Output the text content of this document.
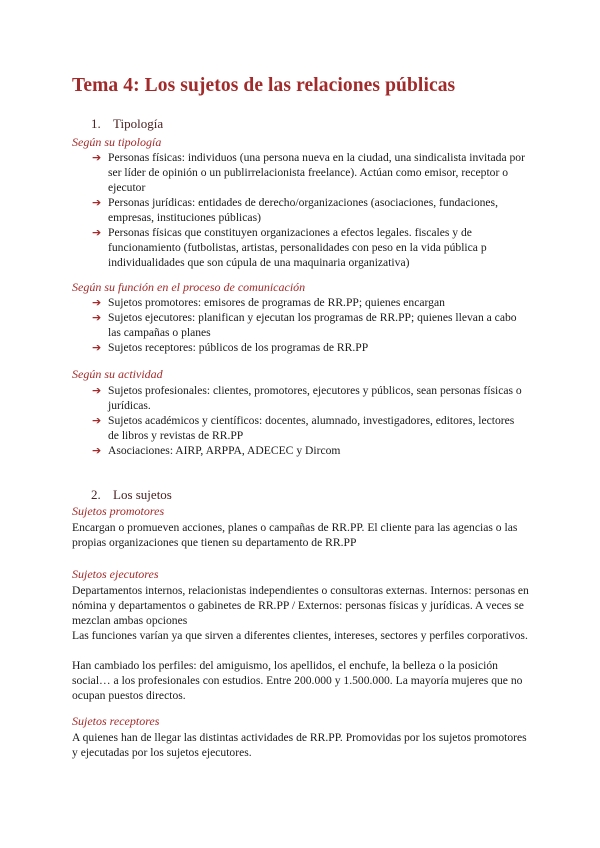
Tema 4: Los sujetos de las relaciones públicas
1. Tipología
Según su tipología
➔ Personas físicas: individuos (una persona nueva en la ciudad, una sindicalista invitada por ser líder de opinión o un publirrelacionista freelance). Actúan como emisor, receptor o ejecutor
➔ Personas jurídicas: entidades de derecho/organizaciones (asociaciones, fundaciones, empresas, instituciones públicas)
➔ Personas físicas que constituyen organizaciones a efectos legales. fiscales y de funcionamiento (futbolistas, artistas, personalidades con peso en la vida pública p individualidades que son cúpula de una maquinaria organizativa)
Según su función en el proceso de comunicación
➔ Sujetos promotores: emisores de programas de RR.PP; quienes encargan
➔ Sujetos ejecutores: planifican y ejecutan los programas de RR.PP; quienes llevan a cabo las campañas o planes
➔ Sujetos receptores: públicos de los programas de RR.PP
Según su actividad
➔ Sujetos profesionales: clientes, promotores, ejecutores y públicos, sean personas físicas o jurídicas.
➔ Sujetos académicos y científicos: docentes, alumnado, investigadores, editores, lectores de libros y revistas de RR.PP
➔ Asociaciones: AIRP, ARPPA, ADECEC y Dircom
2. Los sujetos
Sujetos promotores

Encargan o promueven acciones, planes o campañas de RR.PP. El cliente para las agencias o las propias organizaciones que tienen su departamento de RR.PP

Sujetos ejecutores

Departamentos internos, relacionistas independientes o consultoras externas. Internos: personas en nómina y departamentos o gabinetes de RR.PP / Externos: personas físicas y jurídicas. A veces se mezclan ambas opciones

Las funciones varían ya que sirven a diferentes clientes, intereses, sectores y perfiles corporativos.

Han cambiado los perfiles: del amiguismo, los apellidos, el enchufe, la belleza o la posición social… a los profesionales con estudios. Entre 200.000 y 1.500.000. La mayoría mujeres que no ocupan puestos directos.

Sujetos receptores

A quienes han de llegar las distintas actividades de RR.PP. Promovidas por los sujetos promotores y ejecutadas por los sujetos ejecutores.
